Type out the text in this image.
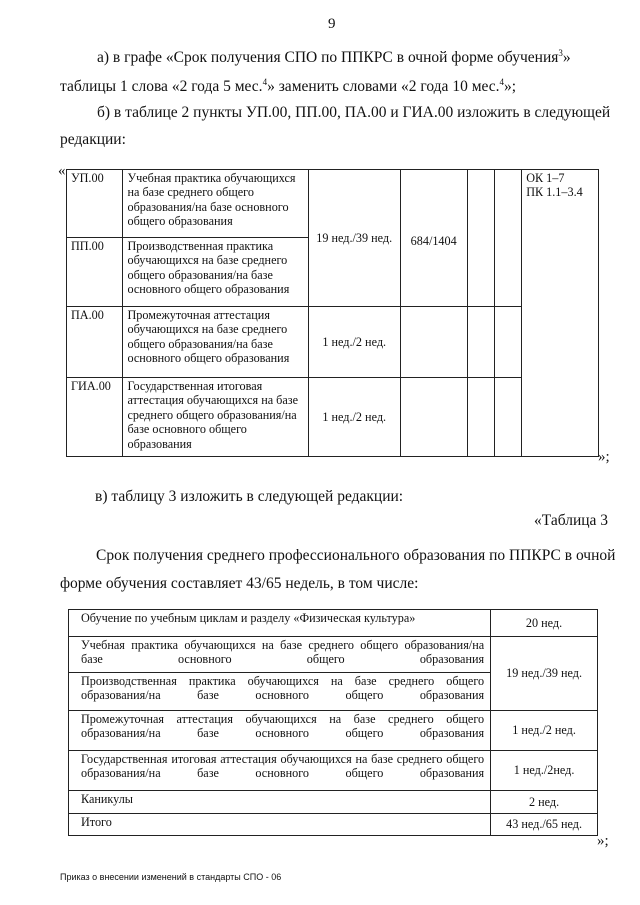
9
а) в графе «Срок получения СПО по ППКРС в очной форме обучения$^3$»
таблицы 1 слова «2 года 5 мес.$^4$» заменить словами «2 года 10 мес.$^4$»;
б) в таблице 2 пункты УП.00, ПП.00, ПА.00 и ГИА.00 изложить в следующей
редакции:
« УП.00	Учебная практика обучающихся на базе среднего общего образования/на базе основного общего образования	19 нед./39 нед.	684/1404			ОК 1–7
ПК 1.1–3.4

ПП.00	Производственная практика обучающихся на базе среднего общего образования/на базе основного общего образования					
ПА.00	Промежуточная аттестация обучающихся на базе среднего общего образования/на базе основного общего образования	1 нед./2 нед.				
ГИА.00	Государственная итоговая аттестация обучающихся на базе среднего общего образования/на базе основного общего образования	1 нед./2 нед.				
»;
в) таблицу 3 изложить в следующей редакции:
«Таблица 3
Срок получения среднего профессионального образования по ППКРС в очной
форме обучения составляет 43/65 недель, в том числе:
Обучение по учебным циклам и разделу «Физическая культура»	20 нед.
Учебная практика обучающихся на базе среднего общего образования/на базе основного общего образования	19 нед./39 нед.
Производственная практика обучающихся на базе среднего общего образования/на базе основного общего образования	
Промежуточная аттестация обучающихся на базе среднего общего образования/на базе основного общего образования	1 нед./2 нед.
Государственная итоговая аттестация обучающихся на базе среднего общего образования/на базе основного общего образования	1 нед./2нед.
Каникулы	2 нед.
Итого	43 нед./65 нед.
»;
Приказ о внесении изменений в стандарты СПО - 06
